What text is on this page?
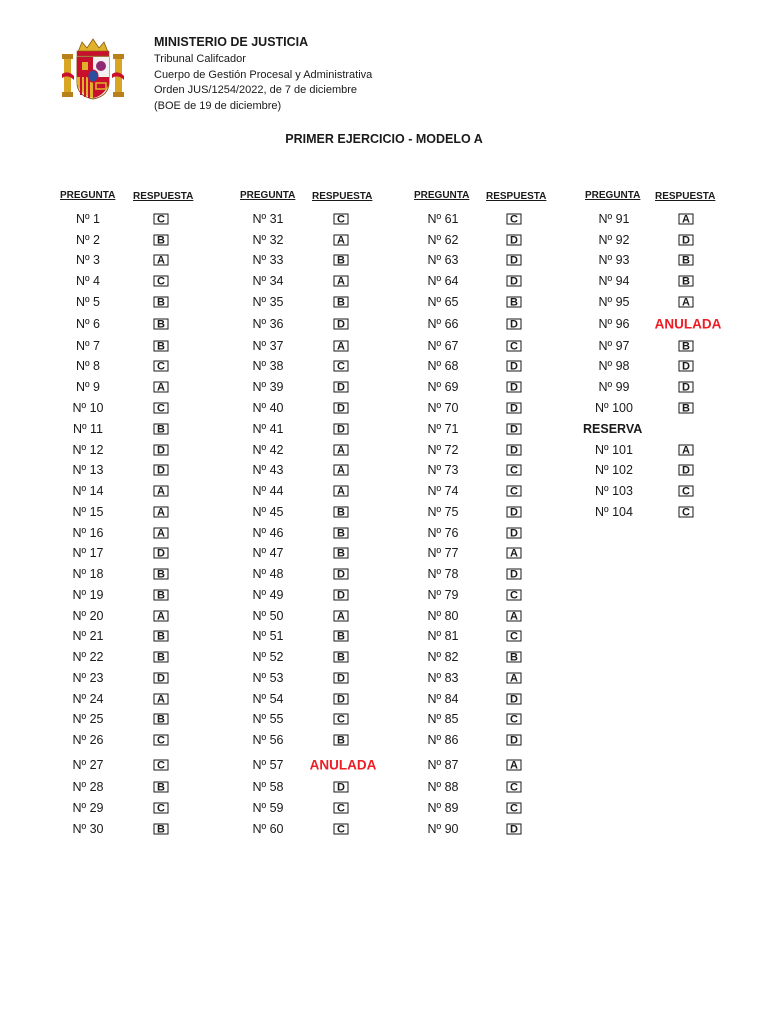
MINISTERIO DE JUSTICIA
Tribunal Califcador
Cuerpo de Gestión Procesal y Administrativa
Orden JUS/1254/2022, de 7 de diciembre
(BOE de 19 de diciembre)
PRIMER EJERCICIO - MODELO A
PREGUNTA RESPUESTA
Nº 1	C
Nº 2	B
Nº 3	A
Nº 4	C
Nº 5	B
Nº 6	B
Nº 7	B
Nº 8	C
Nº 9	A
Nº 10	C
Nº 11	B
Nº 12	D
Nº 13	D
Nº 14	A
Nº 15	A
Nº 16	A
Nº 17	D
Nº 18	B
Nº 19	B
Nº 20	A
Nº 21	B
Nº 22	B
Nº 23	D
Nº 24	A
Nº 25	B
Nº 26	C
Nº 27	C
Nº 28	B
Nº 29	C
Nº 30	B
PREGUNTA RESPUESTA
Nº 31	C
Nº 32	A
Nº 33	B
Nº 34	A
Nº 35	B
Nº 36	D
Nº 37	A
Nº 38	C
Nº 39	D
Nº 40	D
Nº 41	D
Nº 42	A
Nº 43	A
Nº 44	A
Nº 45	B
Nº 46	B
Nº 47	B
Nº 48	D
Nº 49	D
Nº 50	A
Nº 51	B
Nº 52	B
Nº 53	D
Nº 54	D
Nº 55	C
Nº 56	B
Nº 57	ANULADA
Nº 58	D
Nº 59	C
Nº 60	C
PREGUNTA RESPUESTA
Nº 61	C
Nº 62	D
Nº 63	D
Nº 64	D
Nº 65	B
Nº 66	D
Nº 67	C
Nº 68	D
Nº 69	D
Nº 70	D
Nº 71	D
Nº 72	D
Nº 73	C
Nº 74	C
Nº 75	D
Nº 76	D
Nº 77	A
Nº 78	D
Nº 79	C
Nº 80	A
Nº 81	C
Nº 82	B
Nº 83	A
Nº 84	D
Nº 85	C
Nº 86	D
Nº 87	A
Nº 88	C
Nº 89	C
Nº 90	D
PREGUNTA RESPUESTA
Nº 91	A
Nº 92	D
Nº 93	B
Nº 94	B
Nº 95	A
Nº 96	ANULADA
Nº 97	B
Nº 98	D
Nº 99	D
Nº 100	B
RESERVA
Nº 101	A
Nº 102	D
Nº 103	C
Nº 104	C
